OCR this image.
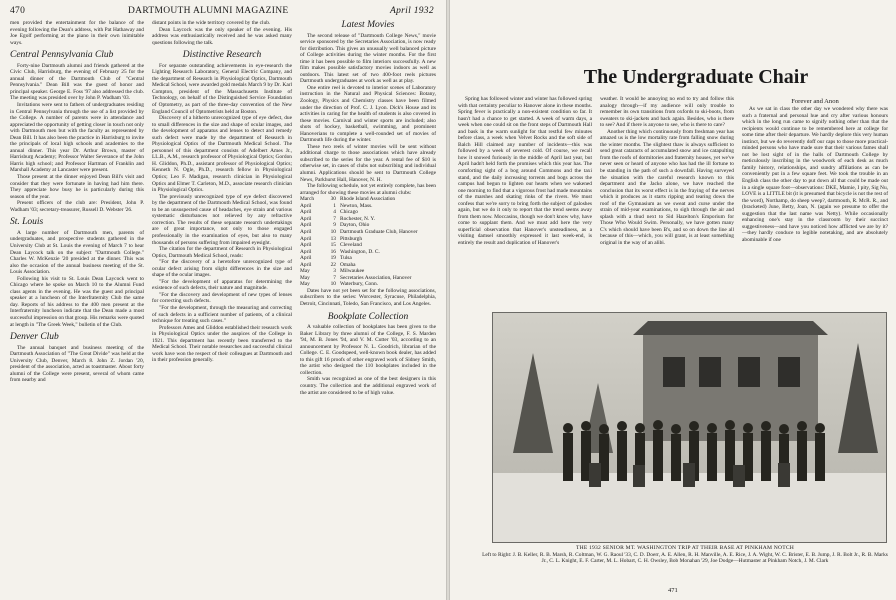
470	DARTMOUTH ALUMNI MAGAZINE	April 1932

men provided the entertainment for the balance of the evening following the Dean's address, with Pat Hathaway and Joe Egolf performing at the piano in their own inimitable ways.

Central Pennsylvania Club

Forty-nine Dartmouth alumni and friends gathered at the Civic Club, Harrisburg, the evening of February 25 for the annual dinner of the Dartmouth Club of "Central Pennsylvania." Dean Bill was the guest of honor and principal speaker. George E. Foss '97 also addressed the club. The meeting was presided over by John P. Wadham '03.

Invitations were sent to fathers of undergraduates residing in Central Pennsylvania through the use of a list provided by the College. A number of parents were in attendance and appreciated the opportunity of getting closer in touch not only with Dartmouth men but with the faculty as represented by Dean Bill. It has also been the practice in Harrisburg to invite the principals of local high schools and academies to the annual dinner. This year Dr. Arthur Brown, master of Harrisburg Academy; Professor Walter Severance of the John Harris high school; and Professor Hartman of Franklin and Marshall Academy at Lancaster were present.

Those present at the dinner enjoyed Dean Bill's visit and consider that they were fortunate in having had him there. They appreciate how busy he is particularly during this season of the year.

Present officers of the club are: President, John P. Wadham '03; secretary-treasurer, Russell D. Webster '26.

St. Louis

A large number of Dartmouth men, parents of undergraduates, and prospective students gathered in the University Club at St. Louis the evening of March 7 to hear Dean Laycock talk on the subject "Dartmouth College." Charles W. McKenzie '20 presided at the dinner. This was also the occasion of the annual business meeting of the St. Louis Association.

Following his visit to St. Louis Dean Laycock went to Chicago where he spoke on March 10 to the Alumni Fund class agents in the evening. He was the guest and principal speaker at a luncheon of the Interfraternity Club the same day. Reports of his address to the 400 men present at the Interfraternity luncheon indicate that the Dean made a most successful impression on that group. His remarks were quoted at length in "The Greek Week," bulletin of the Club.

Denver Club

The annual banquet and business meeting of the Dartmouth Association of "The Great Divide" was held at the University Club, Denver, March 8. John Z. Jordan '20, president of the association, acted as toastmaster. About forty alumni of the College were present, several of whom came from nearby and

distant points in the wide territory covered by the club.

Dean Laycock was the only speaker of the evening. His address was enthusiastically received and he was asked many questions following the talk.

Distinctive Research

For separate outstanding achievements in eye-research the Lighting Research Laboratory, General Electric Company, and the department of Research in Physiological Optics, Dartmouth Medical School, were awarded gold medals March 9 by Dr. Karl Compton, president of the Massachusetts Institute of Technology, on behalf of the Distinguished Service Foundation of Optometry, as part of the three-day convention of the New England Council of Optometrists held at Boston.

Discovery of a hitherto unrecognized type of eye defect, due to small differences in the size and shape of ocular images, and the development of apparatus and lenses to detect and remedy such defect were made by the department of Research in Physiological Optics of the Dartmouth Medical School. The personnel of this department consists of Adelbert Ames Jr., LL.B., A.M., research professor of Physiological Optics; Gordon H. Gliddon, Ph.D., assistant professor of Physiological Optics; Kenneth N. Ogle, Ph.D., research fellow in Physiological Optics; Leo F. Madigan, research clinician in Physiological Optics and Elmer T. Carleton, M.D., associate research clinician in Physiological Optics.

The previously unrecognized type of eye defect discovered by the department of the Dartmouth Medical School, was found to be an unsuspected cause of headaches, eye strain and various systematic disturbances not relieved by any refractive correction. The results of these separate research undertakings are of great importance, not only to those engaged professionally in the examination of eyes, but also to many thousands of persons suffering from impaired eyesight.

The citation for the department of Research in Physiological Optics, Dartmouth Medical School, reads:

"For the discovery of a heretofore unrecognized type of ocular defect arising from slight differences in the size and shape of the ocular images.

"For the development of apparatus for determining the existence of such defects, their nature and magnitude.

"For the discovery and development of new types of lenses for correcting such defects.

"For the development, through the measuring and correcting of such defects in a sufficient number of patients, of a clinical technique for treating such cases."

Professors Ames and Gliddon established their research work in Physiological Optics under the auspices of the College in 1921. This department has recently been transferred to the Medical School. Their notable researches and successful clinical work have won the respect of their colleagues at Dartmouth and in their profession generally.

Latest Movies

The second release of "Dartmouth College News," movie service sponsored by the Secretaries Association, is now ready for distribution. This gives an unusually well balanced picture of College activities during the winter months. For the first time it has been possible to film interiors successfully. A new film makes possible satisfactory movies indoors as well as outdoors. This latest set of two 400-foot reels pictures Dartmouth undergraduates at work as well as at play.

One entire reel is devoted to interior scenes of Laboratory instruction in the Natural and Physical Sciences: Botany, Zoology, Physics and Chemistry classes have been filmed under the direction of Prof. C. J. Lyon. Dick's House and its activities in caring for the health of students is also covered in these movies. Carnival and winter sports are included; also shots of hockey, basketball, swimming, and prominent Hanoverians to complete a well-rounded set of movies of Dartmouth life during the winter.

These two reels of winter movies will be sent without additional charge to those associations which have already subscribed to the series for the year. A rental fee of $10 is otherwise set, in cases of clubs not subscribing and individual alumni. Applications should be sent to Dartmouth College News, Parkhurst Hall, Hanover, N. H.

The following schedule, not yet entirely complete, has been arranged for showing these movies at alumni clubs:

March	30 Rhode Island Association
April	1 Newton, Mass.
April	4 Chicago
April	7 Rochester, N. Y.
April	9 Dayton, Ohio
April	10 Dartmouth Graduate Club, Hanover
April	13 Pittsburgh
April	15 Cleveland
April	16 Washington, D. C.
April	19 Tulsa
April	22 Omaha
May	3 Milwaukee
May	7 Secretaries Association, Hanover
May	10 Waterbury, Conn.

Dates have not yet been set for the following associations, subscribers to the series: Worcester, Syracuse, Philadelphia, Detroit, Cincinnati, Toledo, San Francisco, and Los Angeles.

Bookplate Collection

A valuable collection of bookplates has been given to the Baker Library by three alumni of the College, F. S. Marden '94, M. B. Jones '94, and V. M. Cutter '03, according to an announcement by Professor N. L. Goodrich, librarian of the College. C. E. Goodspeed, well-known book dealer, has added to this gift 16 proofs of other engraved work of Sidney Smith, the artist who designed the 110 bookplates included in the collection.

Smith was recognized as one of the best designers in this country. The collection and the additional engraved work of the artist are considered to be of high value.

The Undergraduate Chair
Forever and Anon

Spring has followed winter and winter has followed spring with that certainty peculiar to Hanover alone in these months. Spring fever is practically a non-existent condition so far. It hasn't had a chance to get started. A week of warm days, a week when one could sit on the front steps of Dartmouth Hall and bask in the warm sunlight for that restful few minutes before class, a week when Velvet Rocks and the soft side of Balch Hill claimed any number of incidents—this was followed by a week of severest cold. Of course, we recall how it snowed furiously in the middle of April last year, but April hadn't held forth the promises which this year has. The comforting sight of a bog around Commons and the taxi stand, and the daily increasing torrents and bogs across the campus had begun to lighten our hearts when we wakened one morning to find that a vigorous frost had made mountains of the marshes and skating rinks of the rivers. We must confess that we're sorry to bring forth the subject of galoshes again, but we do it only to report that the trend seems away from them now. Moccasins, though we don't know why, have come to supplant them. And we must add here the very superficial observation that Hanover's unsteadiness, as a visiting damsel smoothly expressed it last week-end, is entirely the result and duplication of Hanover's

weather. It would be annoying no end to try and follow this analogy through—if my audience will only trouble to remember its own transitions from oxfords to ski-boots, from sweaters to ski-jackets and back again. Besides, who is there to see? And if there is anyone to see, who is there to care?

Another thing which continuously from freshman year has amazed us is the low mortality rate from falling snow during the winter months. The slightest thaw is always sufficient to send great cataracts of accumulated snow and ice catapulting from the roofs of dormitories and fraternity houses, yet we've never seen or heard of anyone who has had the ill fortune to be standing in the path of such a downfall. Having surveyed the situation with the careful research known to this department and the Jacko alone, we have reached the conclusion that its worst effect is in the fraying of the nerves which it produces as it starts ripping and tearing down the roof of the Gymnasium as we sweat and curse under the strain of mid-year examinations, to sigh through the air and splash with a thud next to Sid Hazelton's Emporium for Those Who Would Swim. Personally, we have gotten many C's which should have been B's, and so on down the line all because of this—which, you will grant, is at least something original in the way of an alibi.

As we sat in class the other day we wondered why there was such a fraternal and personal hue and cry after various honours which in the long run came to signify nothing other than that the recipients would continue to be remembered here at college for some time after their departure. We hardly deplore this very human instinct, but we do reverently doff our caps to those more practical-minded persons who have made sure that their various fames shall not be lost sight of in the halls of Dartmouth College by meticulously inscribing in the woodwork of each desk as much family history, relationships, and sundry affiliations as can be conveniently put in a few square feet. We took the trouble in an English class the other day to put down all that could be made out in a single square foot—observations: DKE, Mamie, I pity, Sig Nu, LOVE is a LITTLE bit (it is presumed that bicycle is not the rest of the word), Northamp, do sheep weep?, dartmouth, R. McR. R., and (bracketed) June, Betty, Joan, N. (again we presume to offer the suggestion that the last name was Netty). While occasionally enhancing one's stay in the classroom by their succinct suggestiveness—and have you noticed how afflicted we are by it?—they hardly conduce to legible notetaking, and are absolutely abominable if one

THE 1932 SENIOR MT. WASHINGTON TRIP AT THEIR BASE AT PINKHAM NOTCH
Left to Right: J. B. Keller, R. B. Marsh, R. Coltman, W. G. Raoul '33, C. D. Doerr, A. E. Allen, R. H. Manville, A. E. Rice, J. A. Wight, W. C. Brister, E. B. Jump, J. R. Bolt Jr., R. B. Marks Jr., C. L. Knight, E. F. Carter, M. L. Hobart, C. H. Owsley, Bob Monahan '29, Joe Dodge—Hutmaster at Pinkham Notch, J. M. Clark
471
